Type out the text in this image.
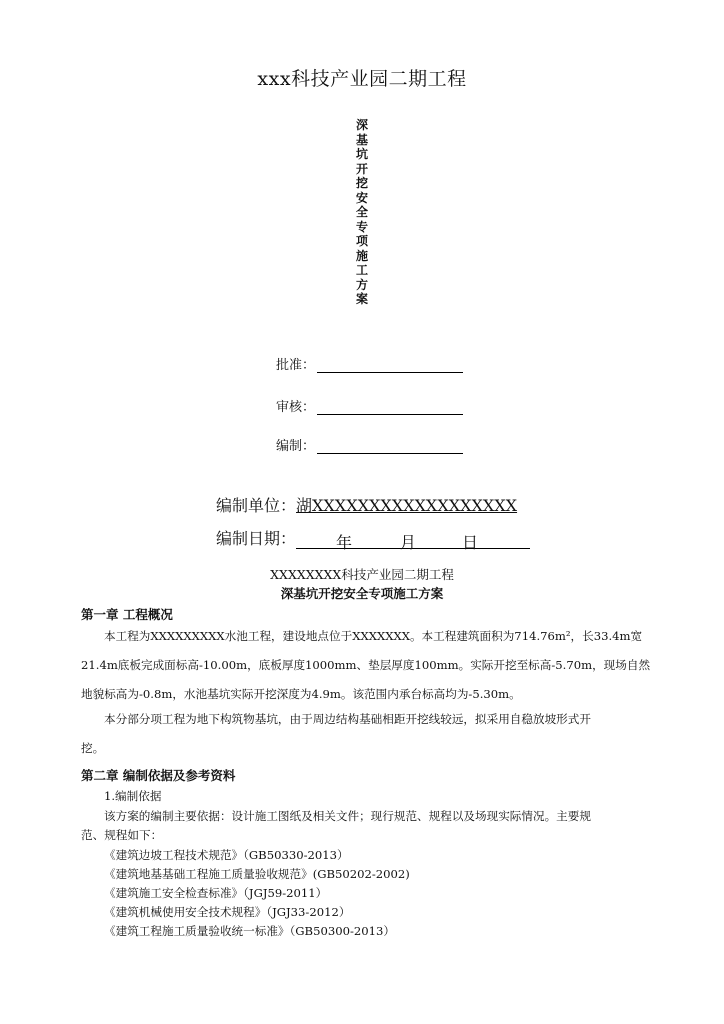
xxx科技产业园二期工程
深
基
坑
开
挖
安
全
专
项
施
工
方
案
批准：
审核：
编制：
编制单位：湖XXXXXXXXXXXXXXXXXX
编制日期：	年	月	日
XXXXXXXX科技产业园二期工程
深基坑开挖安全专项施工方案
第一章 工程概况
本工程为XXXXXXXXX水池工程，建设地点位于XXXXXXX。本工程建筑面积为714.76m²，长33.4m宽
21.4m底板完成面标高-10.00m，底板厚度1000mm、垫层厚度100mm。实际开挖至标高-5.70m，现场自然
地貌标高为-0.8m，水池基坑实际开挖深度为4.9m。该范围内承台标高均为-5.30m。
本分部分项工程为地下构筑物基坑，由于周边结构基础相距开挖线较远，拟采用自稳放坡形式开
挖。
第二章 编制依据及参考资料
1.编制依据
该方案的编制主要依据：设计施工图纸及相关文件；现行规范、规程以及场现实际情况。主要规
范、规程如下：
《建筑边坡工程技术规范》（GB50330-2013）
《建筑地基基础工程施工质量验收规范》(GB50202-2002)
《建筑施工安全检查标准》（JGJ59-2011）
《建筑机械使用安全技术规程》（JGJ33-2012）
《建筑工程施工质量验收统一标准》（GB50300-2013）
